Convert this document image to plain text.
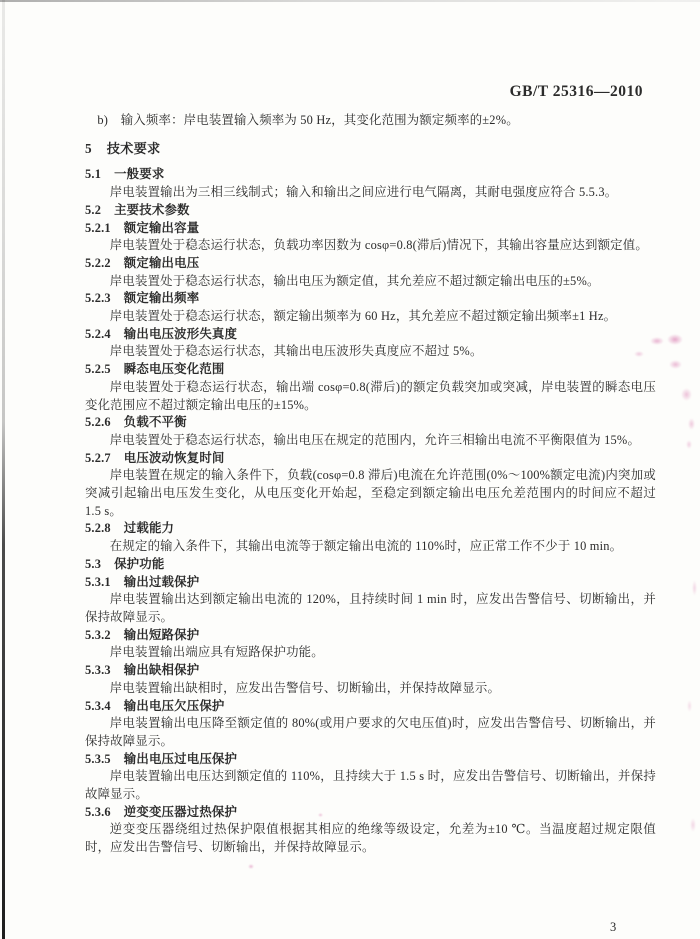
GB/T 25316—2010
b)　输入频率：岸电装置输入频率为 50 Hz，其变化范围为额定频率的±2%。
5 技术要求
5.1 一般要求
岸电装置输出为三相三线制式；输入和输出之间应进行电气隔离，其耐电强度应符合 5.5.3。
5.2 主要技术参数
5.2.1 额定输出容量
岸电装置处于稳态运行状态，负载功率因数为 cosφ=0.8(滞后)情况下，其输出容量应达到额定值。
5.2.2 额定输出电压
岸电装置处于稳态运行状态，输出电压为额定值，其允差应不超过额定输出电压的±5%。
5.2.3 额定输出频率
岸电装置处于稳态运行状态，额定输出频率为 60 Hz，其允差应不超过额定输出频率±1 Hz。
5.2.4 输出电压波形失真度
岸电装置处于稳态运行状态，其输出电压波形失真度应不超过 5%。
5.2.5 瞬态电压变化范围
岸电装置处于稳态运行状态，输出端 cosφ=0.8(滞后)的额定负载突加或突减，岸电装置的瞬态电压变化范围应不超过额定输出电压的±15%。
5.2.6 负载不平衡
岸电装置处于稳态运行状态，输出电压在规定的范围内，允许三相输出电流不平衡限值为 15%。
5.2.7 电压波动恢复时间
岸电装置在规定的输入条件下，负载(cosφ=0.8 滞后)电流在允许范围(0%～100%额定电流)内突加或突减引起输出电压发生变化，从电压变化开始起，至稳定到额定输出电压允差范围内的时间应不超过 1.5 s。
5.2.8 过载能力
在规定的输入条件下，其输出电流等于额定输出电流的 110%时，应正常工作不少于 10 min。
5.3 保护功能
5.3.1 输出过载保护
岸电装置输出达到额定输出电流的 120%，且持续时间 1 min 时，应发出告警信号、切断输出，并保持故障显示。
5.3.2 输出短路保护
岸电装置输出端应具有短路保护功能。
5.3.3 输出缺相保护
岸电装置输出缺相时，应发出告警信号、切断输出，并保持故障显示。
5.3.4 输出电压欠压保护
岸电装置输出电压降至额定值的 80%(或用户要求的欠电压值)时，应发出告警信号、切断输出，并保持故障显示。
5.3.5 输出电压过电压保护
岸电装置输出电压达到额定值的 110%，且持续大于 1.5 s 时，应发出告警信号、切断输出，并保持故障显示。
5.3.6 逆变变压器过热保护
逆变变压器绕组过热保护限值根据其相应的绝缘等级设定，允差为±10 ℃。当温度超过规定限值时，应发出告警信号、切断输出，并保持故障显示。
3
